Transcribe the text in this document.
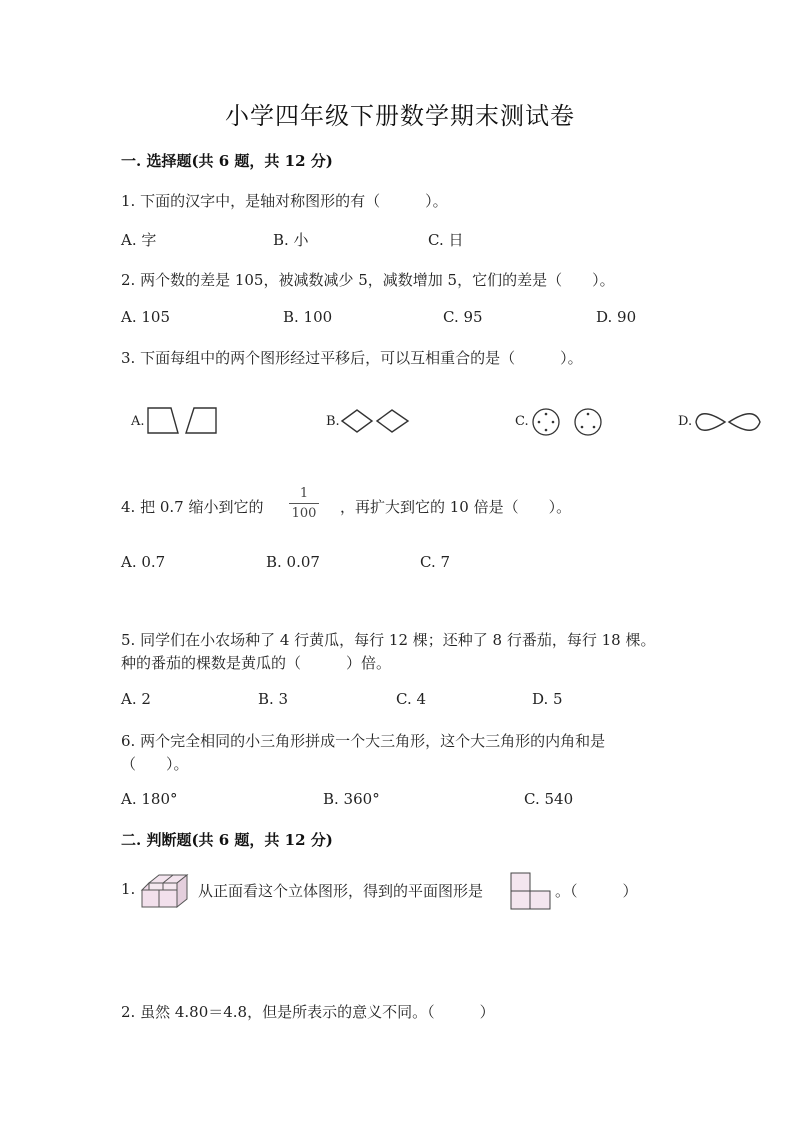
小学四年级下册数学期末测试卷
一. 选择题(共 6 题，共 12 分)
1. 下面的汉字中，是轴对称图形的有（　　　）。
A. 字	B. 小	C. 日
2. 两个数的差是 105，被减数减少 5，减数增加 5，它们的差是（　　）。
A. 105	B. 100	C. 95	D. 90
3. 下面每组中的两个图形经过平移后，可以互相重合的是（　　　）。
A.	B.	C.	D.
4. 把 0.7 缩小到它的
1
100 ，再扩大到它的 10 倍是（　　）。
A. 0.7	B. 0.07	C. 7
5. 同学们在小农场种了 4 行黄瓜，每行 12 棵；还种了 8 行番茄，每行 18 棵。
种的番茄的棵数是黄瓜的（　　　）倍。
A. 2	B. 3	C. 4	D. 5
6. 两个完全相同的小三角形拼成一个大三角形，这个大三角形的内角和是
（　　）。
A. 180°	B. 360°	C. 540
二. 判断题(共 6 题，共 12 分)
1.	从正面看这个立体图形，得到的平面图形是	。（　　　）
2. 虽然 4.80＝4.8，但是所表示的意义不同。（　　　）
